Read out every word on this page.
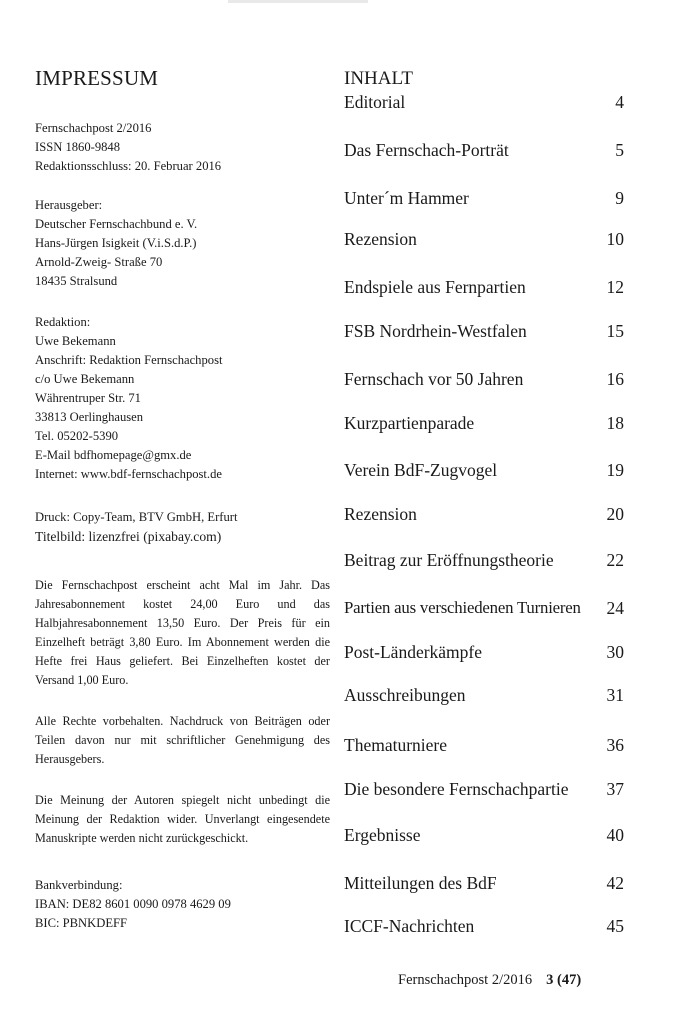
IMPRESSUM

Fernschachpost 2/2016
ISSN 1860-9848
Redaktionsschluss: 20. Februar 2016

Herausgeber:
Deutscher Fernschachbund e. V.
Hans-Jürgen Isigkeit (V.i.S.d.P.)
Arnold-Zweig- Straße 70
18435 Stralsund

Redaktion:
Uwe Bekemann
Anschrift: Redaktion Fernschachpost
c/o Uwe Bekemann
Währentruper Str. 71
33813 Oerlinghausen
Tel. 05202-5390
E-Mail bdfhomepage@gmx.de
Internet: www.bdf-fernschachpost.de

Druck: Copy-Team, BTV GmbH, Erfurt
Titelbild: lizenzfrei (pixabay.com)

Die Fernschachpost erscheint acht Mal im Jahr. Das Jahresabonnement kostet 24,00 Euro und das Halbjahresabonnement 13,50 Euro. Der Preis für ein Einzelheft beträgt 3,80 Euro. Im Abonnement werden die Hefte frei Haus geliefert. Bei Einzelheften kostet der Versand 1,00 Euro.

Alle Rechte vorbehalten. Nachdruck von Beiträgen oder Teilen davon nur mit schriftlicher Genehmigung des Herausgebers.

Die Meinung der Autoren spiegelt nicht unbedingt die Meinung der Redaktion wider. Unverlangt eingesendete Manuskripte werden nicht zurückgeschickt.

Bankverbindung:
IBAN: DE82 8601 0090 0978 4629 09
BIC: PBNKDEFF

INHALT
Editorial	4
Das Fernschach-Porträt	5
Unter´m Hammer	9
Rezension	10
Endspiele aus Fernpartien	12
FSB Nordrhein-Westfalen	15
Fernschach vor 50 Jahren	16
Kurzpartienparade	18
Verein BdF-Zugvogel	19
Rezension	20
Beitrag zur Eröffnungstheorie	22
Partien aus verschiedenen Turnieren 24
Post-Länderkämpfe	30
Ausschreibungen	31
Thematurniere	36
Die besondere Fernschachpartie 37
Ergebnisse	40
Mitteilungen des BdF	42
ICCF-Nachrichten	45
Fernschachpost 2/2016 3 (47)
